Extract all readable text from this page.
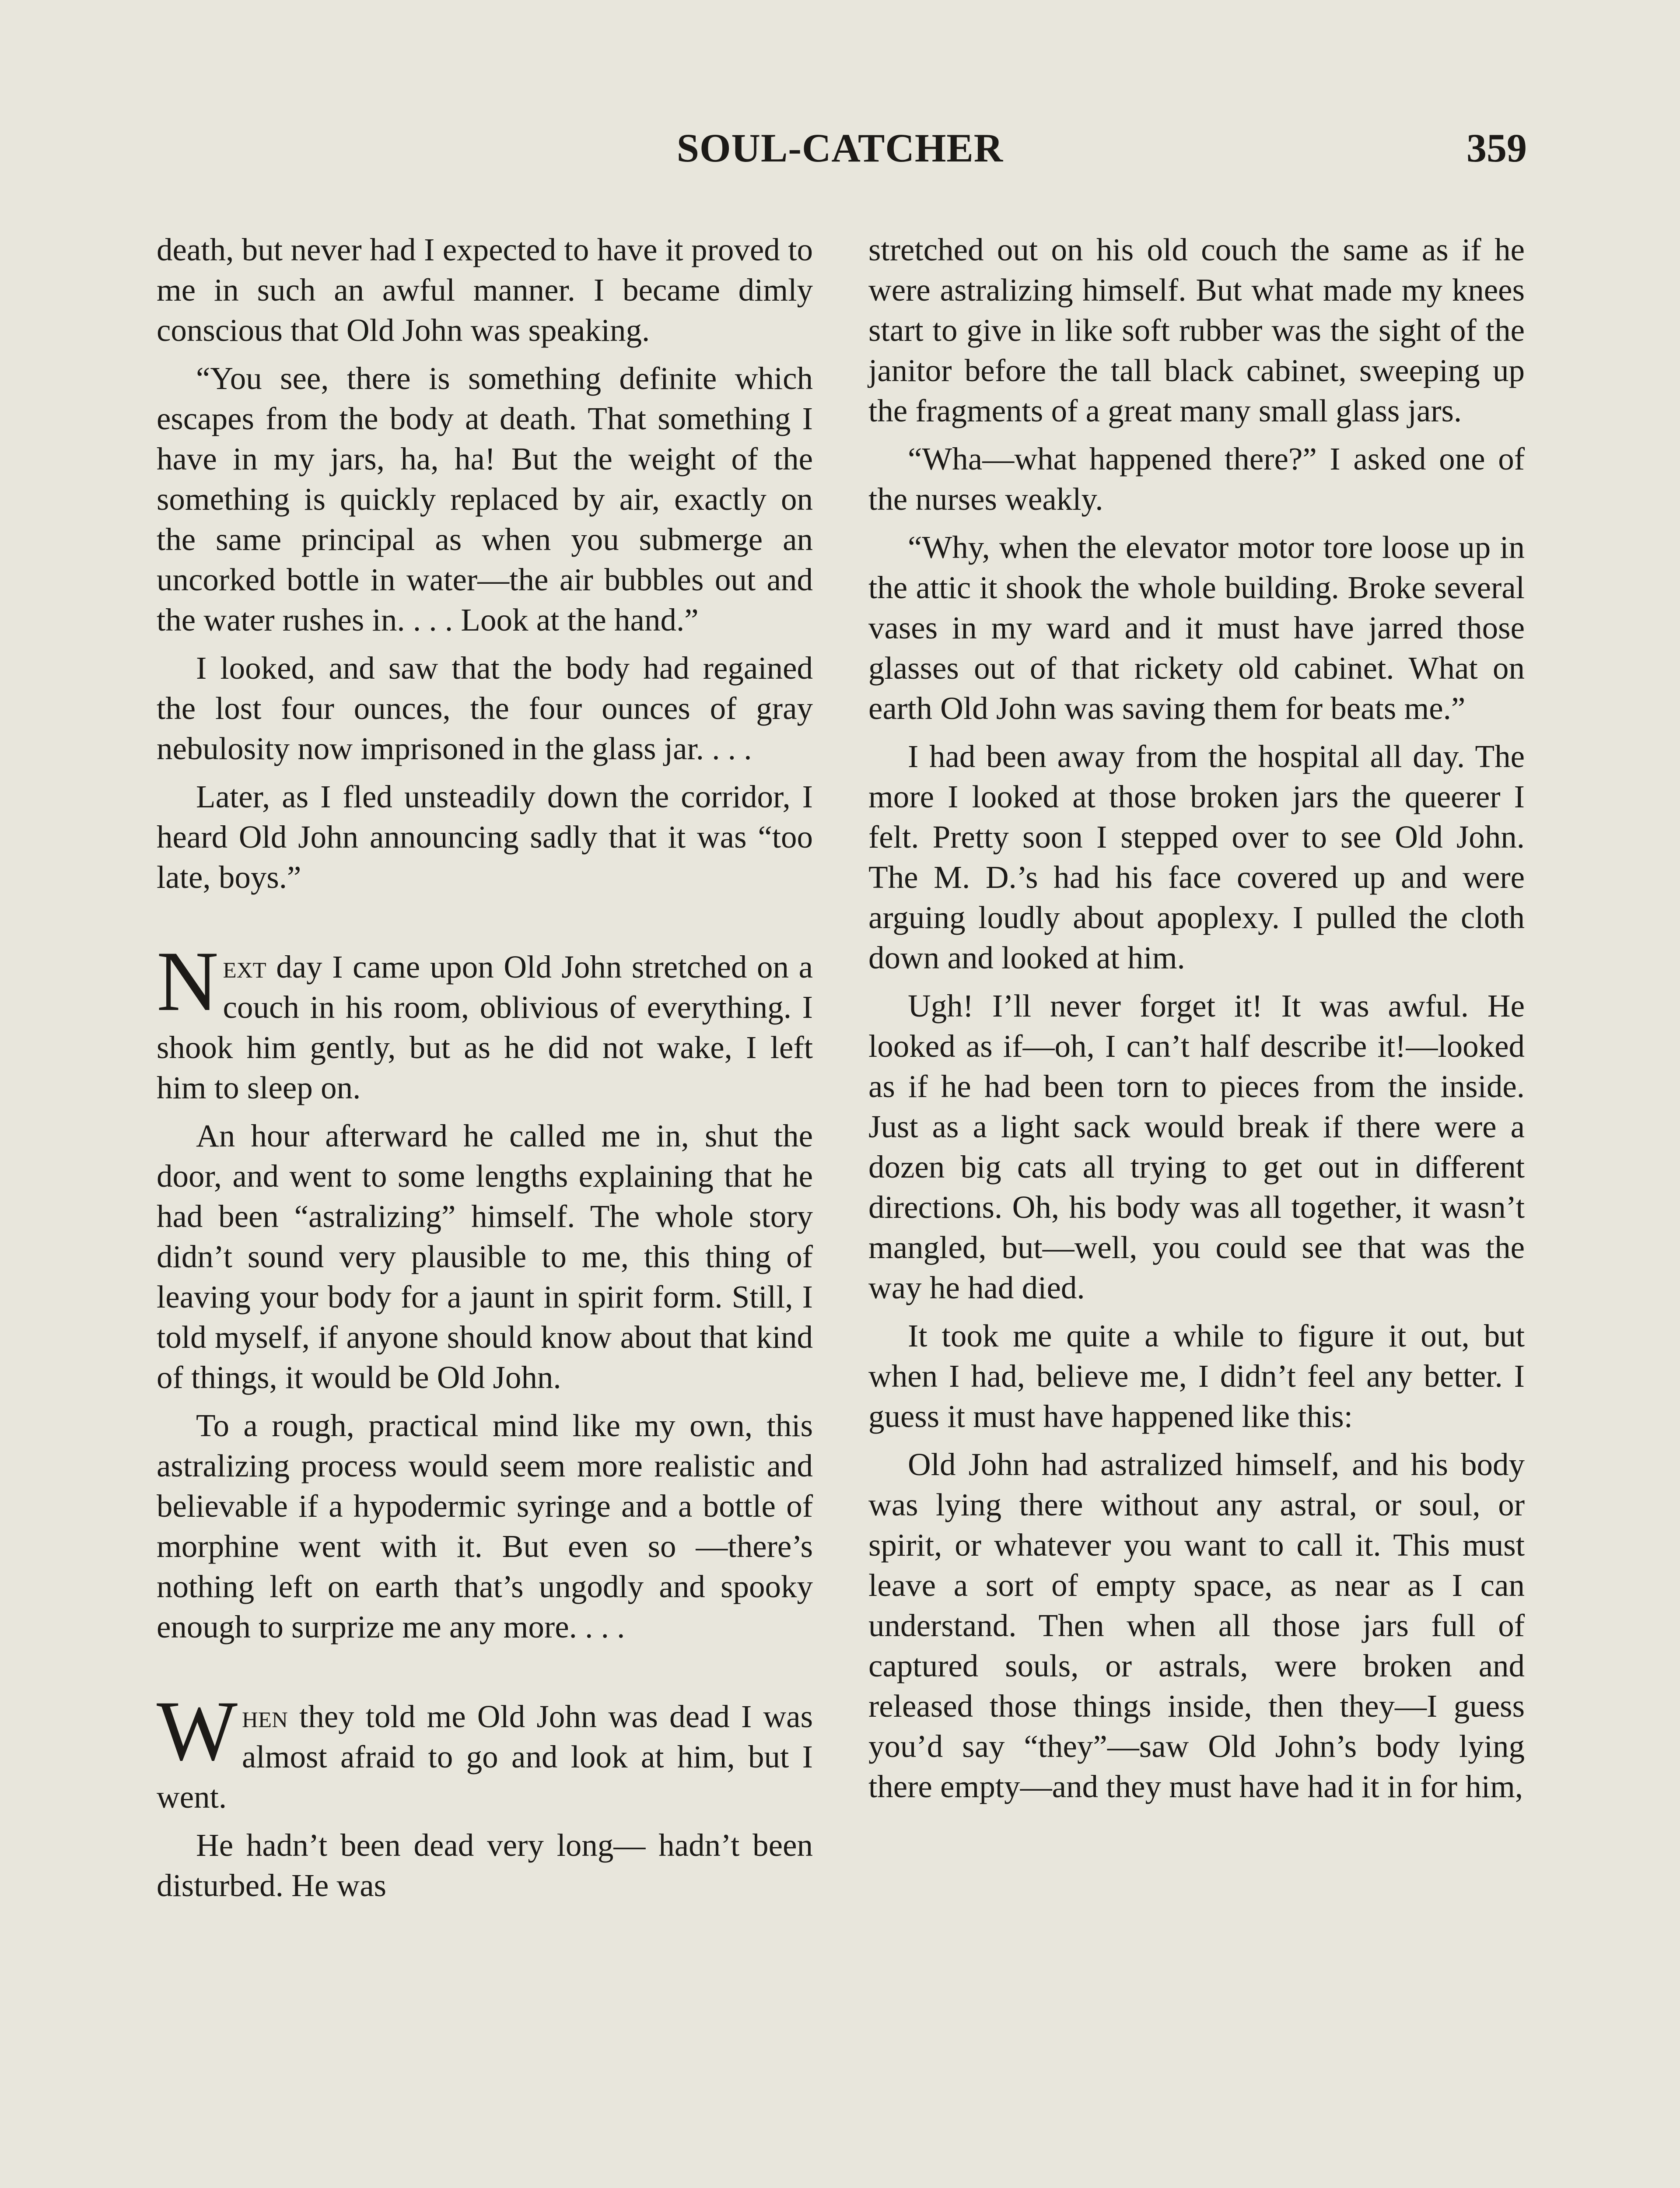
SOUL-CATCHER	359

death, but never had I expected to have it proved to me in such an awful manner. I became dimly conscious that Old John was speaking.

“You see, there is something definite which escapes from the body at death. That something I have in my jars, ha, ha! But the weight of the something is quickly replaced by air, exactly on the same principal as when you submerge an uncorked bottle in water—the air bubbles out and the water rushes in. . . . Look at the hand.”

I looked, and saw that the body had regained the lost four ounces, the four ounces of gray nebulosity now imprisoned in the glass jar. . . .

Later, as I fled unsteadily down the corridor, I heard Old John announcing sadly that it was “too late, boys.”

Next day I came upon Old John stretched on a couch in his room, oblivious of everything. I shook him gently, but as he did not wake, I left him to sleep on.

An hour afterward he called me in, shut the door, and went to some lengths explaining that he had been “astralizing” himself. The whole story didn’t sound very plausible to me, this thing of leaving your body for a jaunt in spirit form. Still, I told myself, if anyone should know about that kind of things, it would be Old John.

To a rough, practical mind like my own, this astralizing process would seem more realistic and believable if a hypodermic syringe and a bottle of morphine went with it. But even so —there’s nothing left on earth that’s ungodly and spooky enough to surprize me any more. . . .

When they told me Old John was dead I was almost afraid to go and look at him, but I went.

He hadn’t been dead very long— hadn’t been disturbed. He was

stretched out on his old couch the same as if he were astralizing himself. But what made my knees start to give in like soft rubber was the sight of the janitor before the tall black cabinet, sweeping up the fragments of a great many small glass jars.

“Wha—what happened there?” I asked one of the nurses weakly.

“Why, when the elevator motor tore loose up in the attic it shook the whole building. Broke several vases in my ward and it must have jarred those glasses out of that rickety old cabinet. What on earth Old John was saving them for beats me.”

I had been away from the hospital all day. The more I looked at those broken jars the queerer I felt. Pretty soon I stepped over to see Old John. The M. D.’s had his face covered up and were arguing loudly about apoplexy. I pulled the cloth down and looked at him.

Ugh! I’ll never forget it! It was awful. He looked as if—oh, I can’t half describe it!—looked as if he had been torn to pieces from the inside. Just as a light sack would break if there were a dozen big cats all trying to get out in different directions. Oh, his body was all together, it wasn’t mangled, but—well, you could see that was the way he had died.

It took me quite a while to figure it out, but when I had, believe me, I didn’t feel any better. I guess it must have happened like this:

Old John had astralized himself, and his body was lying there without any astral, or soul, or spirit, or whatever you want to call it. This must leave a sort of empty space, as near as I can understand. Then when all those jars full of captured souls, or astrals, were broken and released those things inside, then they—I guess you’d say “they”—saw Old John’s body lying there empty—and they must have had it in for him,
